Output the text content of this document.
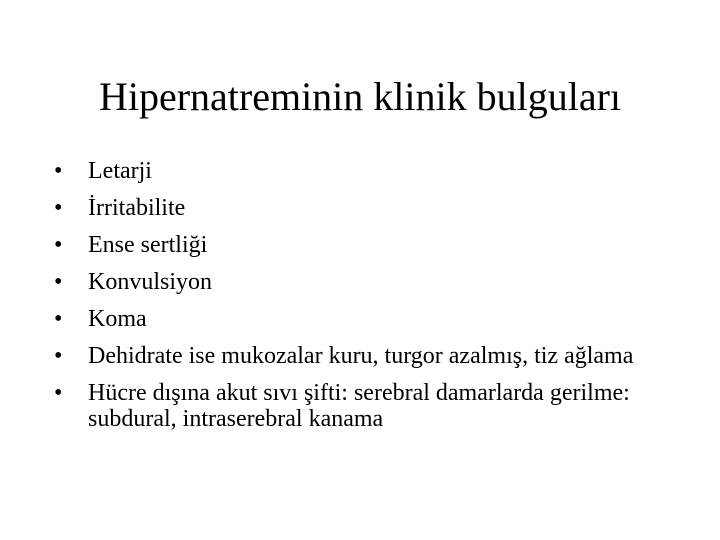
Hipernatreminin klinik bulguları
•	Letarji
•	İrritabilite
•	Ense sertliği
•	Konvulsiyon
•	Koma
•	Dehidrate ise mukozalar kuru, turgor azalmış, tiz ağlama
•	Hücre dışına akut sıvı şifti: serebral damarlarda gerilme: subdural, intraserebral kanama
